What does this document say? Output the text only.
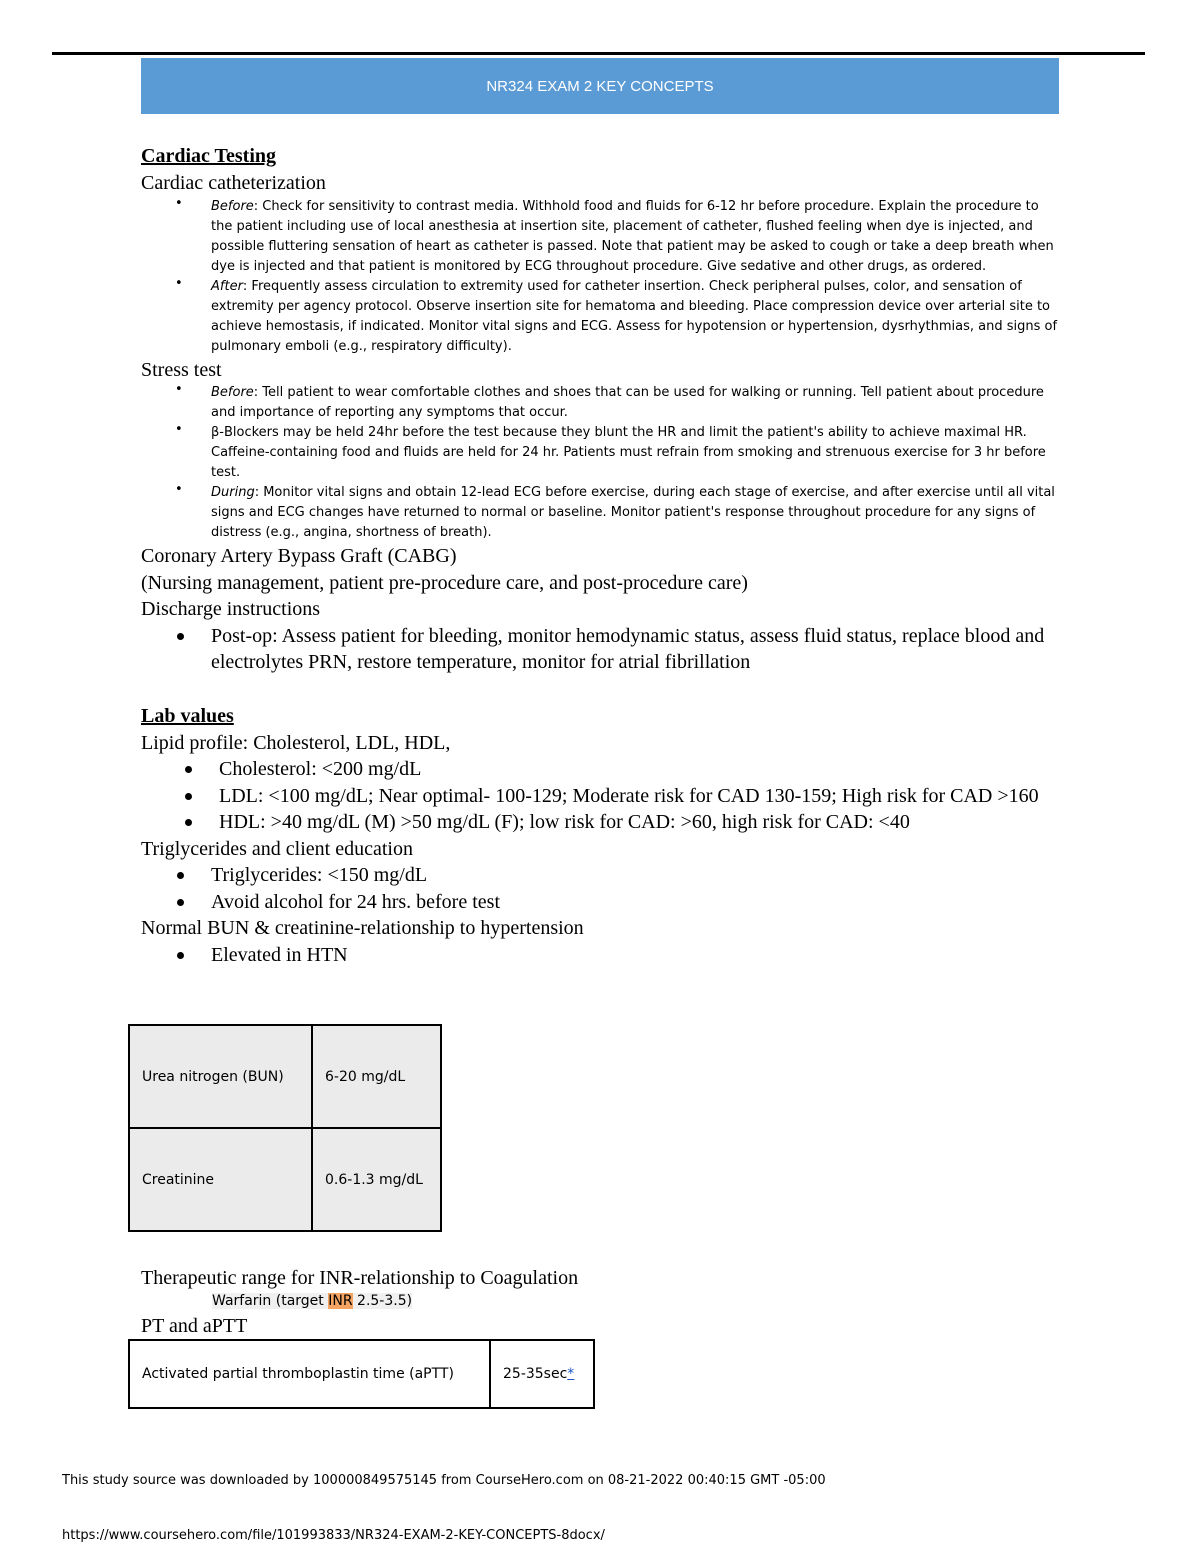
NR324 EXAM 2 KEY CONCEPTS
Cardiac Testing
Cardiac catheterization
• Before: Check for sensitivity to contrast media. Withhold food and fluids for 6-12 hr before procedure. Explain the procedure to the patient including use of local anesthesia at insertion site, placement of catheter, flushed feeling when dye is injected, and possible fluttering sensation of heart as catheter is passed. Note that patient may be asked to cough or take a deep breath when dye is injected and that patient is monitored by ECG throughout procedure. Give sedative and other drugs, as ordered.
• After: Frequently assess circulation to extremity used for catheter insertion. Check peripheral pulses, color, and sensation of extremity per agency protocol. Observe insertion site for hematoma and bleeding. Place compression device over arterial site to achieve hemostasis, if indicated. Monitor vital signs and ECG. Assess for hypotension or hypertension, dysrhythmias, and signs of pulmonary emboli (e.g., respiratory difficulty).
Stress test
• Before: Tell patient to wear comfortable clothes and shoes that can be used for walking or running. Tell patient about procedure and importance of reporting any symptoms that occur.
• β-Blockers may be held 24hr before the test because they blunt the HR and limit the patient's ability to achieve maximal HR. Caffeine-containing food and fluids are held for 24 hr. Patients must refrain from smoking and strenuous exercise for 3 hr before test.
• During: Monitor vital signs and obtain 12-lead ECG before exercise, during each stage of exercise, and after exercise until all vital signs and ECG changes have returned to normal or baseline. Monitor patient's response throughout procedure for any signs of distress (e.g., angina, shortness of breath).
Coronary Artery Bypass Graft (CABG)
(Nursing management, patient pre-procedure care, and post-procedure care)
Discharge instructions
Post-op: Assess patient for bleeding, monitor hemodynamic status, assess fluid status, replace blood and electrolytes PRN, restore temperature, monitor for atrial fibrillation
Lab values
Lipid profile: Cholesterol, LDL, HDL,
Cholesterol: <200 mg/dL
LDL: <100 mg/dL; Near optimal- 100-129; Moderate risk for CAD 130-159; High risk for CAD >160
HDL: >40 mg/dL (M) >50 mg/dL (F); low risk for CAD: >60, high risk for CAD: <40
Triglycerides and client education
Triglycerides: <150 mg/dL
Avoid alcohol for 24 hrs. before test
Normal BUN & creatinine-relationship to hypertension
Elevated in HTN
Urea nitrogen (BUN)	6-20 mg/dL
Creatinine	0.6-1.3 mg/dL
Therapeutic range for INR-relationship to Coagulation
Warfarin (target INR 2.5-3.5)
PT and aPTT
Activated partial thromboplastin time (aPTT)	25-35sec*
This study source was downloaded by 100000849575145 from CourseHero.com on 08-21-2022 00:40:15 GMT -05:00
https://www.coursehero.com/file/101993833/NR324-EXAM-2-KEY-CONCEPTS-8docx/
